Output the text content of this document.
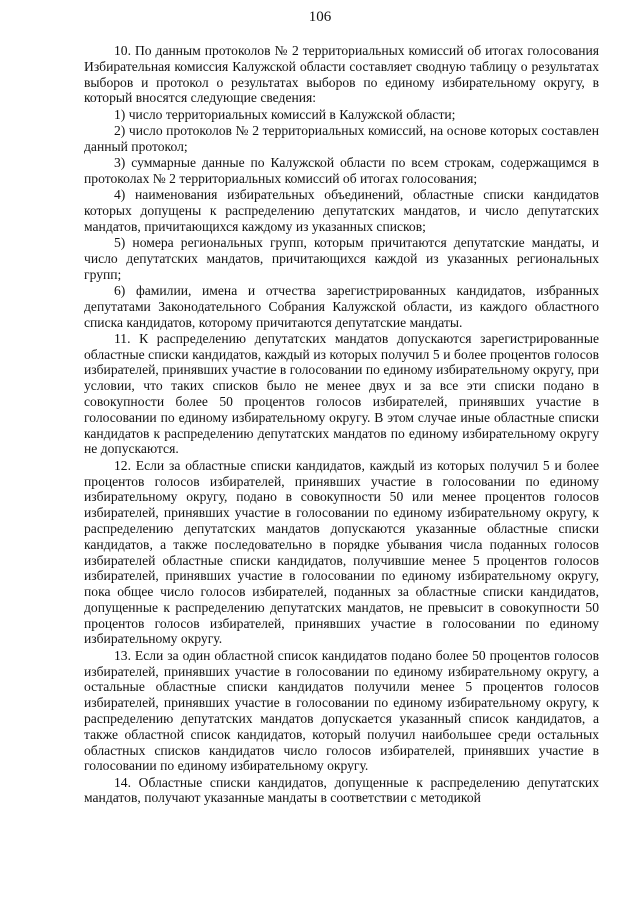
106

10. По данным протоколов № 2 территориальных комиссий об итогах голосования Избирательная комиссия Калужской области составляет сводную таблицу о результатах выборов и протокол о результатах выборов по единому избирательному округу, в который вносятся следующие сведения:

1) число территориальных комиссий в Калужской области;

2) число протоколов № 2 территориальных комиссий, на основе которых составлен данный протокол;

3) суммарные данные по Калужской области по всем строкам, содержащимся в протоколах № 2 территориальных комиссий об итогах голосования;

4) наименования избирательных объединений, областные списки кандидатов которых допущены к распределению депутатских мандатов, и число депутатских мандатов, причитающихся каждому из указанных списков;

5) номера региональных групп, которым причитаются депутатские мандаты, и число депутатских мандатов, причитающихся каждой из указанных региональных групп;

6) фамилии, имена и отчества зарегистрированных кандидатов, избранных депутатами Законодательного Собрания Калужской области, из каждого областного списка кандидатов, которому причитаются депутатские мандаты.

11. К распределению депутатских мандатов допускаются зарегистрированные областные списки кандидатов, каждый из которых получил 5 и более процентов голосов избирателей, принявших участие в голосовании по единому избирательному округу, при условии, что таких списков было не менее двух и за все эти списки подано в совокупности более 50 процентов голосов избирателей, принявших участие в голосовании по единому избирательному округу. В этом случае иные областные списки кандидатов к распределению депутатских мандатов по единому избирательному округу не допускаются.

12. Если за областные списки кандидатов, каждый из которых получил 5 и более процентов голосов избирателей, принявших участие в голосовании по единому избирательному округу, подано в совокупности 50 или менее процентов голосов избирателей, принявших участие в голосовании по единому избирательному округу, к распределению депутатских мандатов допускаются указанные областные списки кандидатов, а также последовательно в порядке убывания числа поданных голосов избирателей областные списки кандидатов, получившие менее 5 процентов голосов избирателей, принявших участие в голосовании по единому избирательному округу, пока общее число голосов избирателей, поданных за областные списки кандидатов, допущенные к распределению депутатских мандатов, не превысит в совокупности 50 процентов голосов избирателей, принявших участие в голосовании по единому избирательному округу.

13. Если за один областной список кандидатов подано более 50 процентов голосов избирателей, принявших участие в голосовании по единому избирательному округу, а остальные областные списки кандидатов получили менее 5 процентов голосов избирателей, принявших участие в голосовании по единому избирательному округу, к распределению депутатских мандатов допускается указанный список кандидатов, а также областной список кандидатов, который получил наибольшее среди остальных областных списков кандидатов число голосов избирателей, принявших участие в голосовании по единому избирательному округу.

14. Областные списки кандидатов, допущенные к распределению депутатских мандатов, получают указанные мандаты в соответствии с методикой
